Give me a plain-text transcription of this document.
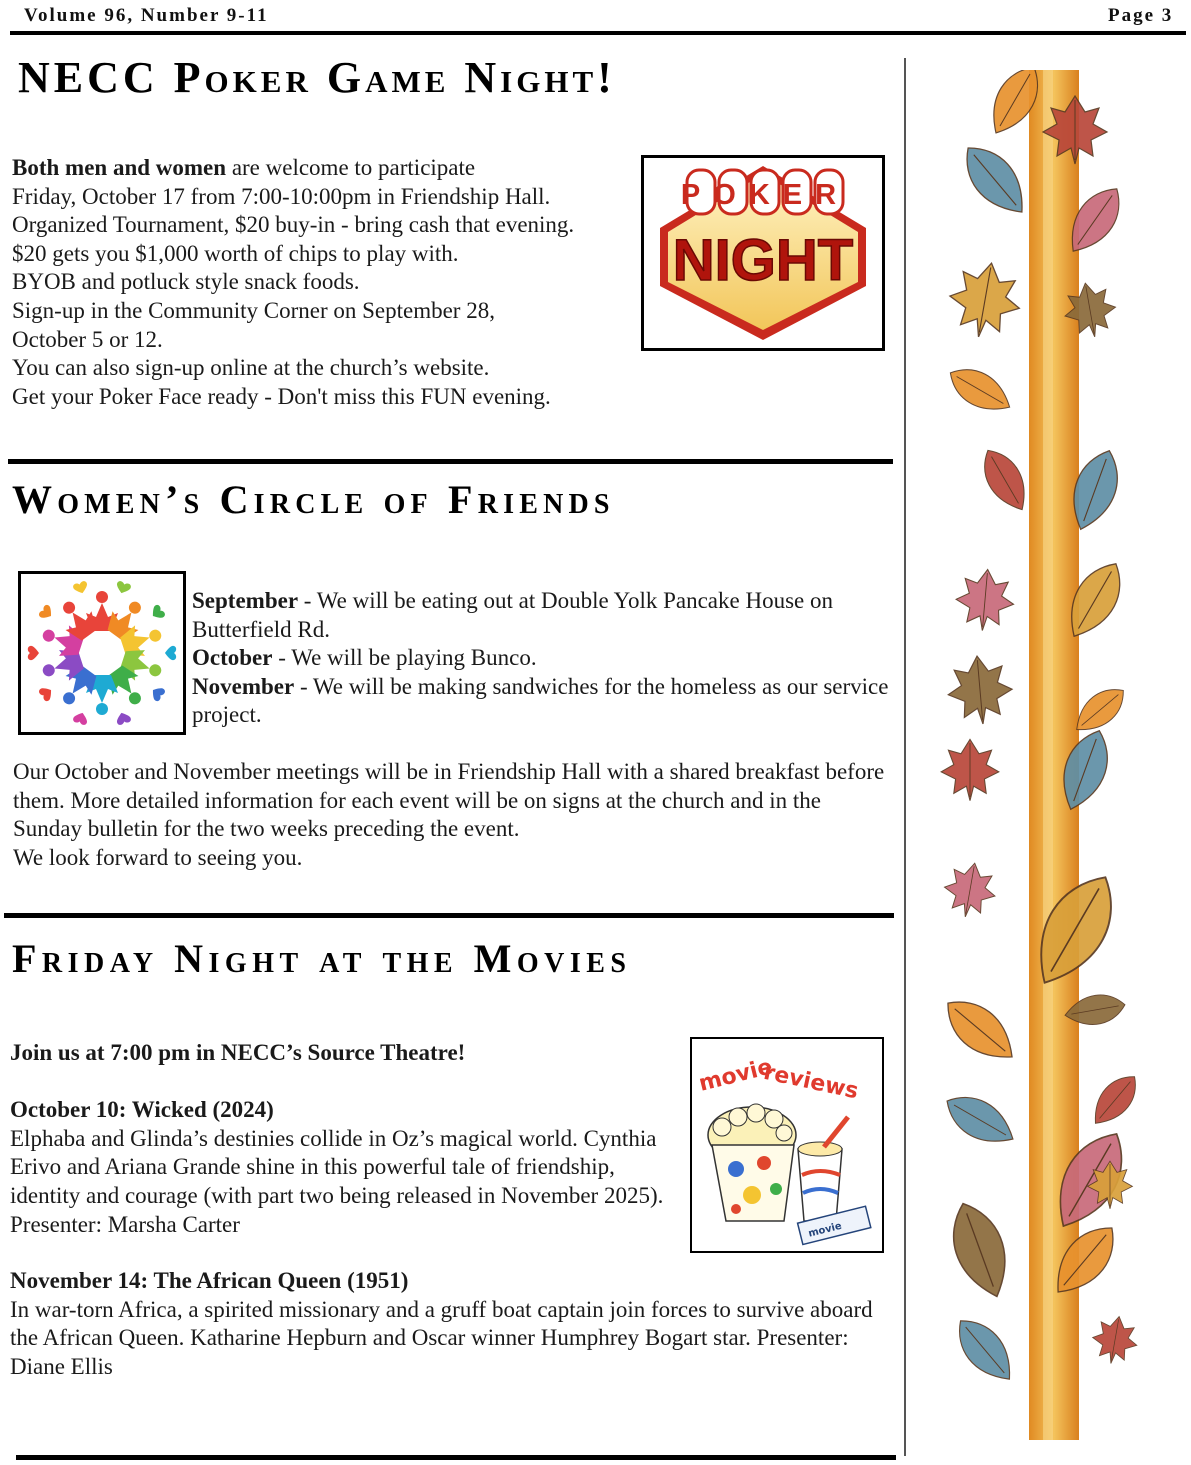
Volume 96, Number 9-11	Page 3
NECC Poker Game Night!

Both men and women are welcome to participate

Friday, October 17 from 7:00-10:00pm in Friendship Hall.

Organized Tournament, $20 buy-in - bring cash that evening.

$20 gets you $1,000 worth of chips to play with.

BYOB and potluck style snack foods.

Sign-up in the Community Corner on September 28,

October 5 or 12.

You can also sign-up online at the church’s website.

Get your Poker Face ready - Don't miss this FUN evening.

POKER
NIGHT
Women’s Circle of Friends

September - We will be eating out at Double Yolk Pancake House on Butterfield Rd.

October - We will be playing Bunco.

November - We will be making sandwiches for the homeless as our service project.

Our October and November meetings will be in Friendship Hall with a shared breakfast before them. More detailed information for each event will be on signs at the church and in the Sunday bulletin for the two weeks preceding the event.

We look forward to seeing you.

Friday Night at the Movies

Join us at 7:00 pm in NECC’s Source Theatre!

October 10: Wicked (2024)

Elphaba and Glinda’s destinies collide in Oz’s magical world. Cynthia Erivo and Ariana Grande shine in this powerful tale of friendship, identity and courage (with part two being released in November 2025). Presenter: Marsha Carter

November 14: The African Queen (1951)

In war-torn Africa, a spirited missionary and a gruff boat captain join forces to survive aboard the African Queen. Katharine Hepburn and Oscar winner Humphrey Bogart star. Presenter: Diane Ellis

movie
reviews
movie
